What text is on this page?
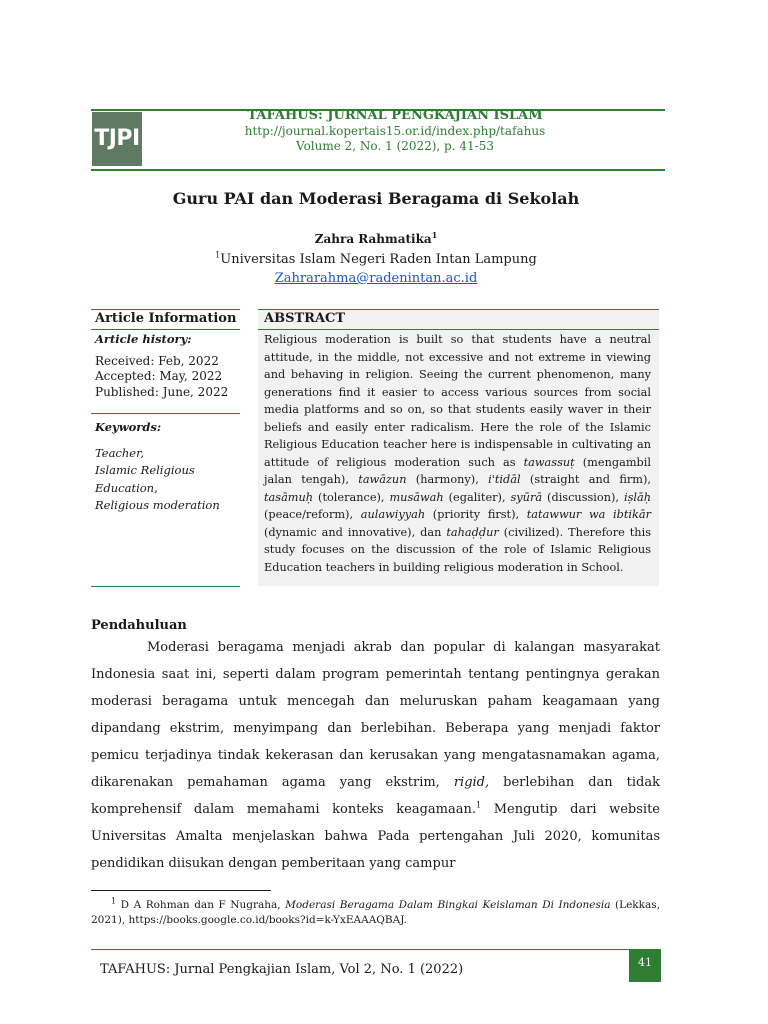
TJPI
TAFAHUS: JURNAL PENGKAJIAN ISLAM
http://journal.kopertais15.or.id/index.php/tafahus
Volume 2, No. 1 (2022), p. 41-53
Guru PAI dan Moderasi Beragama di Sekolah
Zahra Rahmatika$^1$
$^1$Universitas Islam Negeri Raden Intan Lampung
Zahrarahma@radenintan.ac.id
Article Information
Article history:
Received: Feb, 2022
Accepted: May, 2022
Published: June, 2022
Keywords:
Teacher,
Islamic Religious
Education,
Religious moderation
ABSTRACT
Religious moderation is built so that students have a neutral attitude, in the middle, not excessive and not extreme in viewing and behaving in religion. Seeing the current phenomenon, many generations find it easier to access various sources from social media platforms and so on, so that students easily waver in their beliefs and easily enter radicalism. Here the role of the Islamic Religious Education teacher here is indispensable in cultivating an attitude of religious moderation such as tawassuṭ (mengambil jalan tengah), tawāzun (harmony), i'tidāl (straight and firm), tasāmuḥ (tolerance), musāwah (egaliter), syūrā (discussion), iṣlāḥ (peace/reform), aulawiyyah (priority first), tatawwur wa ibtikār (dynamic and innovative), dan tahaḍḍur (civilized). Therefore this study focuses on the discussion of the role of Islamic Religious Education teachers in building religious moderation in School.
Pendahuluan
Moderasi beragama menjadi akrab dan popular di kalangan masyarakat Indonesia saat ini, seperti dalam program pemerintah tentang pentingnya gerakan moderasi beragama untuk mencegah dan meluruskan paham keagamaan yang dipandang ekstrim, menyimpang dan berlebihan. Beberapa yang menjadi faktor pemicu terjadinya tindak kekerasan dan kerusakan yang mengatasnamakan agama, dikarenakan pemahaman agama yang ekstrim, rigid, berlebihan dan tidak komprehensif dalam memahami konteks keagamaan.$^1$ Mengutip dari website Universitas Amalta menjelaskan bahwa Pada pertengahan Juli 2020, komunitas pendidikan diisukan dengan pemberitaan yang campur
$^1$ D A Rohman dan F Nugraha, Moderasi Beragama Dalam Bingkai Keislaman Di Indonesia (Lekkas, 2021), https://books.google.co.id/books?id=k-YxEAAAQBAJ.
TAFAHUS: Jurnal Pengkajian Islam, Vol 2, No. 1 (2022)	41
